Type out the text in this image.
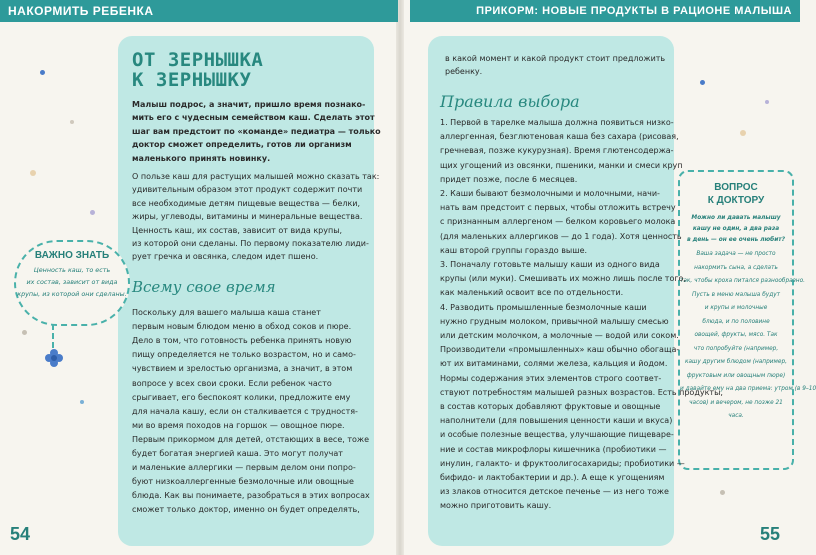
НАКОРМИТЬ РЕБЕНКА	ПРИКОРМ: НОВЫЕ ПРОДУКТЫ В РАЦИОНЕ МАЛЫША
ОТ ЗЕРНЫШКА
К ЗЕРНЫШКУ
Всему свое время
54
ВАЖНО ЗНАТЬ
Ценность каш, то есть
их состав, зависит от вида
крупы, из которой они сделаны.
Правила выбора
55
ВОПРОС
К ДОКТОРУ
Можно ли давать малышу
кашу не один, а два раза
в день — он ее очень любит?
Ваша задача — не просто
накормить сына, а сделать
так, чтобы кроха питался разнообразно.
Пусть в меню малыша будут
и крупы и молочные
блюда, и по половине
овощей, фрукты, мясо. Так
что попробуйте (например,
кашу другим блюдом (например,
фруктовым или овощным пюре)
и давайте ему на два приема: утром (в 9–10
часов) и вечером, не позже 21
часа.
Малыш подрос, а значит, пришло время познако-
мить его с чудесным семейством каш. Сделать этот
шаг вам предстоит по «команде» педиатра — только
доктор сможет определить, готов ли организм
маленького принять новинку.
О пользе каш для растущих малышей можно сказать так:
удивительным образом этот продукт содержит почти
все необходимые детям пищевые вещества — белки,
жиры, углеводы, витамины и минеральные вещества.
Ценность каш, их состав, зависит от вида крупы,
из которой они сделаны. По первому показателю лиди-
рует гречка и овсянка, следом идет пшено.
Поскольку для вашего малыша каша станет
первым новым блюдом меню в обход соков и пюре.
Дело в том, что готовность ребенка принять новую
пищу определяется не только возрастом, но и само-
чувствием и зрелостью организма, а значит, в этом
вопросе у всех свои сроки. Если ребенок часто
срыгивает, его беспокоят колики, предложите ему
для начала кашу, если он сталкивается с трудностя-
ми во время походов на горшок — овощное пюре.
Первым прикормом для детей, отстающих в весе, тоже
будет богатая энергией каша. Это могут получат
и маленькие аллергики — первым делом они попро-
буют низкоаллергенные безмолочные или овощные
блюда. Как вы понимаете, разобраться в этих вопросах
сможет только доктор, именно он будет определять,
в какой момент и какой продукт стоит предложить
ребенку.
1. Первой в тарелке малыша должна появиться низко-
аллергенная, безглютеновая каша без сахара (рисовая,
гречневая, позже кукурузная). Время глютенсодержа-
щих угощений из овсянки, пшеники, манки и смеси круп
придет позже, после 6 месяцев.
2. Каши бывают безмолочными и молочными, начи-
нать вам предстоит с первых, чтобы отложить встречу
с признанным аллергеном — белком коровьего молока
(для маленьких аллергиков — до 1 года). Хотя ценность
каш второй группы гораздо выше.
3. Поначалу готовьте малышу каши из одного вида
крупы (или муки). Смешивать их можно лишь после того,
как маленький освоит все по отдельности.
4. Разводить промышленные безмолочные каши
нужно грудным молоком, привычной малышу смесью
или детским молочком, а молочные — водой или соком.
Производители «промышленных» каш обычно обогаща-
ют их витаминами, солями железа, кальция и йодом.
Нормы содержания этих элементов строго соответ-
ствуют потребностям малышей разных возрастов. Есть продукты,
в состав которых добавляют фруктовые и овощные
наполнители (для повышения ценности каши и вкуса)
и особые полезные вещества, улучшающие пищеваре-
ние и состав микрофлоры кишечника (пробиотики —
инулин, галакто- и фруктоолигосахариды; пробиотики —
бифидо- и лактобактерии и др.). А еще к угощениям
из злаков относится детское печенье — из него тоже
можно приготовить кашу.
